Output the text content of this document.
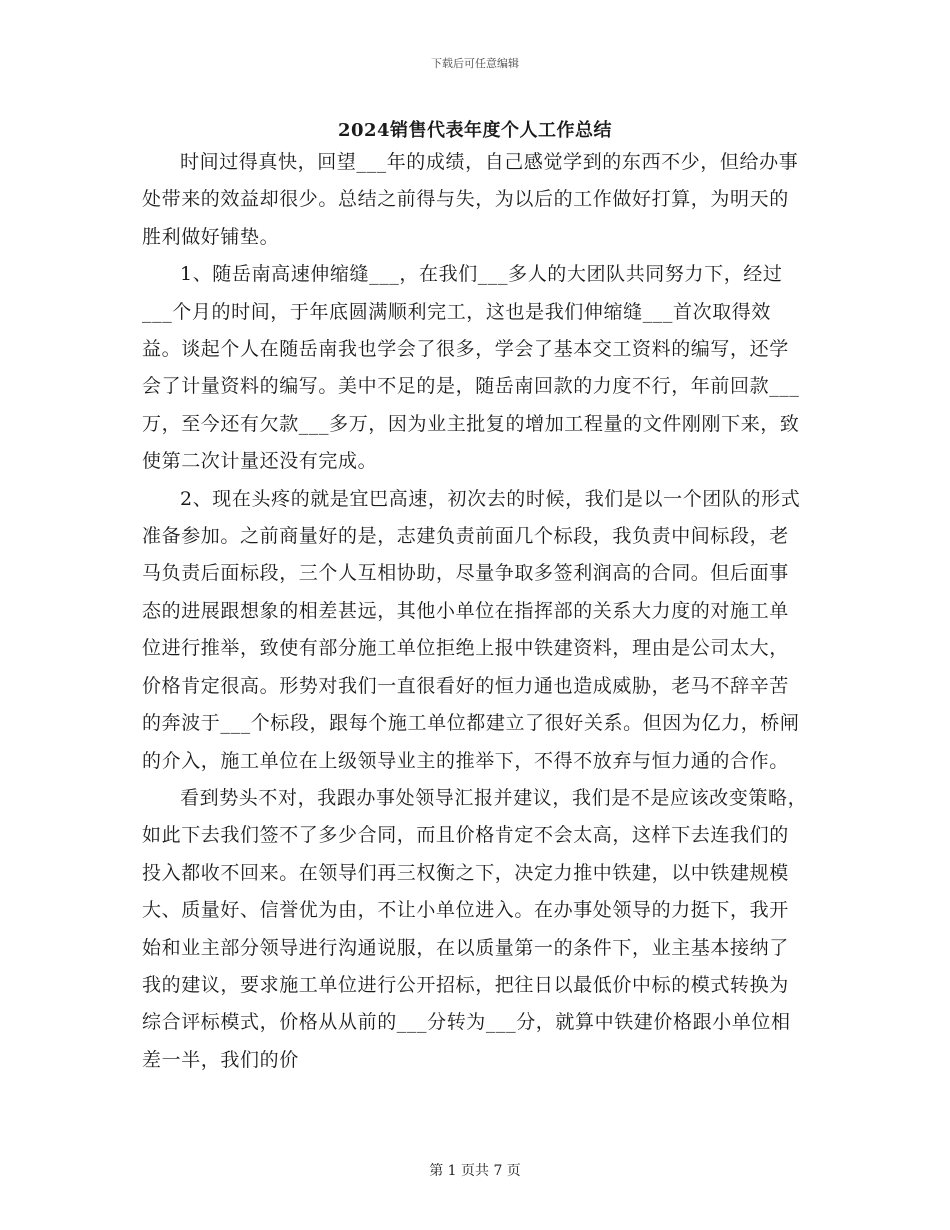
下载后可任意编辑
2024销售代表年度个人工作总结

时间过得真快，回望___年的成绩，自己感觉学到的东西不少，但给办事处带来的效益却很少。总结之前得与失，为以后的工作做好打算，为明天的胜利做好铺垫。

1、随岳南高速伸缩缝___，在我们___多人的大团队共同努力下，经过___个月的时间，于年底圆满顺利完工，这也是我们伸缩缝___首次取得效益。谈起个人在随岳南我也学会了很多，学会了基本交工资料的编写，还学会了计量资料的编写。美中不足的是，随岳南回款的力度不行，年前回款___万，至今还有欠款___多万，因为业主批复的增加工程量的文件刚刚下来，致使第二次计量还没有完成。

2、现在头疼的就是宜巴高速，初次去的时候，我们是以一个团队的形式准备参加。之前商量好的是，志建负责前面几个标段，我负责中间标段，老马负责后面标段，三个人互相协助，尽量争取多签利润高的合同。但后面事态的进展跟想象的相差甚远，其他小单位在指挥部的关系大力度的对施工单位进行推举，致使有部分施工单位拒绝上报中铁建资料，理由是公司太大，价格肯定很高。形势对我们一直很看好的恒力通也造成威胁，老马不辞辛苦的奔波于___个标段，跟每个施工单位都建立了很好关系。但因为亿力，桥闸的介入，施工单位在上级领导业主的推举下，不得不放弃与恒力通的合作。

看到势头不对，我跟办事处领导汇报并建议，我们是不是应该改变策略，如此下去我们签不了多少合同，而且价格肯定不会太高，这样下去连我们的投入都收不回来。在领导们再三权衡之下，决定力推中铁建，以中铁建规模大、质量好、信誉优为由，不让小单位进入。在办事处领导的力挺下，我开始和业主部分领导进行沟通说服，在以质量第一的条件下，业主基本接纳了我的建议，要求施工单位进行公开招标，把往日以最低价中标的模式转换为综合评标模式，价格从从前的___分转为___分，就算中铁建价格跟小单位相差一半，我们的价

第 1 页共 7 页
